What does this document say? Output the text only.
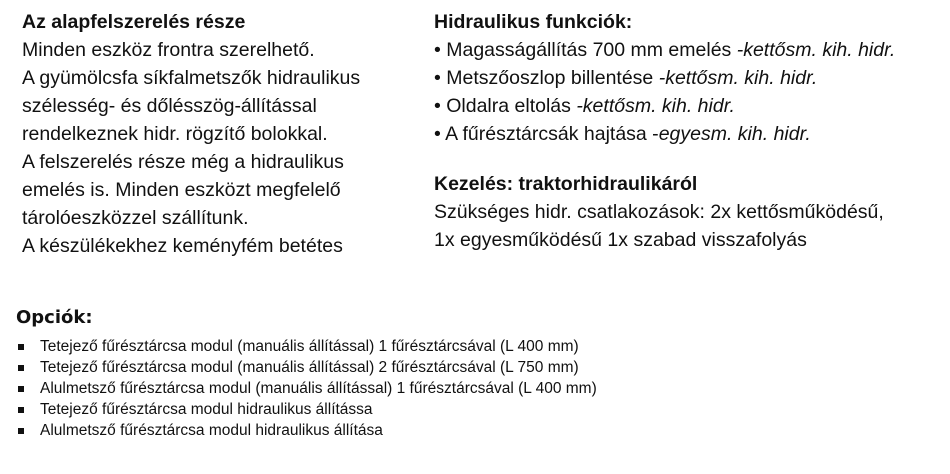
Az alapfelszerelés része

Minden eszköz frontra szerelhető.

A gyümölcsfa síkfalmetszők hidraulikus

szélesség- és dőlésszög-állítással

rendelkeznek hidr. rögzítő bolokkal.

A felszerelés része még a hidraulikus

emelés is. Minden eszközt megfelelő

tárolóeszközzel szállítunk.

A készülékekhez keményfém betétes

Hidraulikus funkciók:

• Magasságállítás 700 mm emelés -kettősm. kih. hidr.

• Metszőoszlop billentése -kettősm. kih. hidr.

• Oldalra eltolás -kettősm. kih. hidr.

• A fűrésztárcsák hajtása -egyesm. kih. hidr.

Kezelés: traktorhidraulikáról

Szükséges hidr. csatlakozások: 2x kettősműködésű,

1x egyesműködésű 1x szabad visszafolyás

Opciók:

Tetejező fűrésztárcsa modul (manuális állítással) 1 fűrésztárcsával (L 400 mm)
Tetejező fűrésztárcsa modul (manuális állítással) 2 fűrésztárcsával (L 750 mm)
Alulmetsző fűrésztárcsa modul (manuális állítással) 1 fűrésztárcsával (L 400 mm)
Tetejező fűrésztárcsa modul hidraulikus állítássa
Alulmetsző fűrésztárcsa modul hidraulikus állítása
